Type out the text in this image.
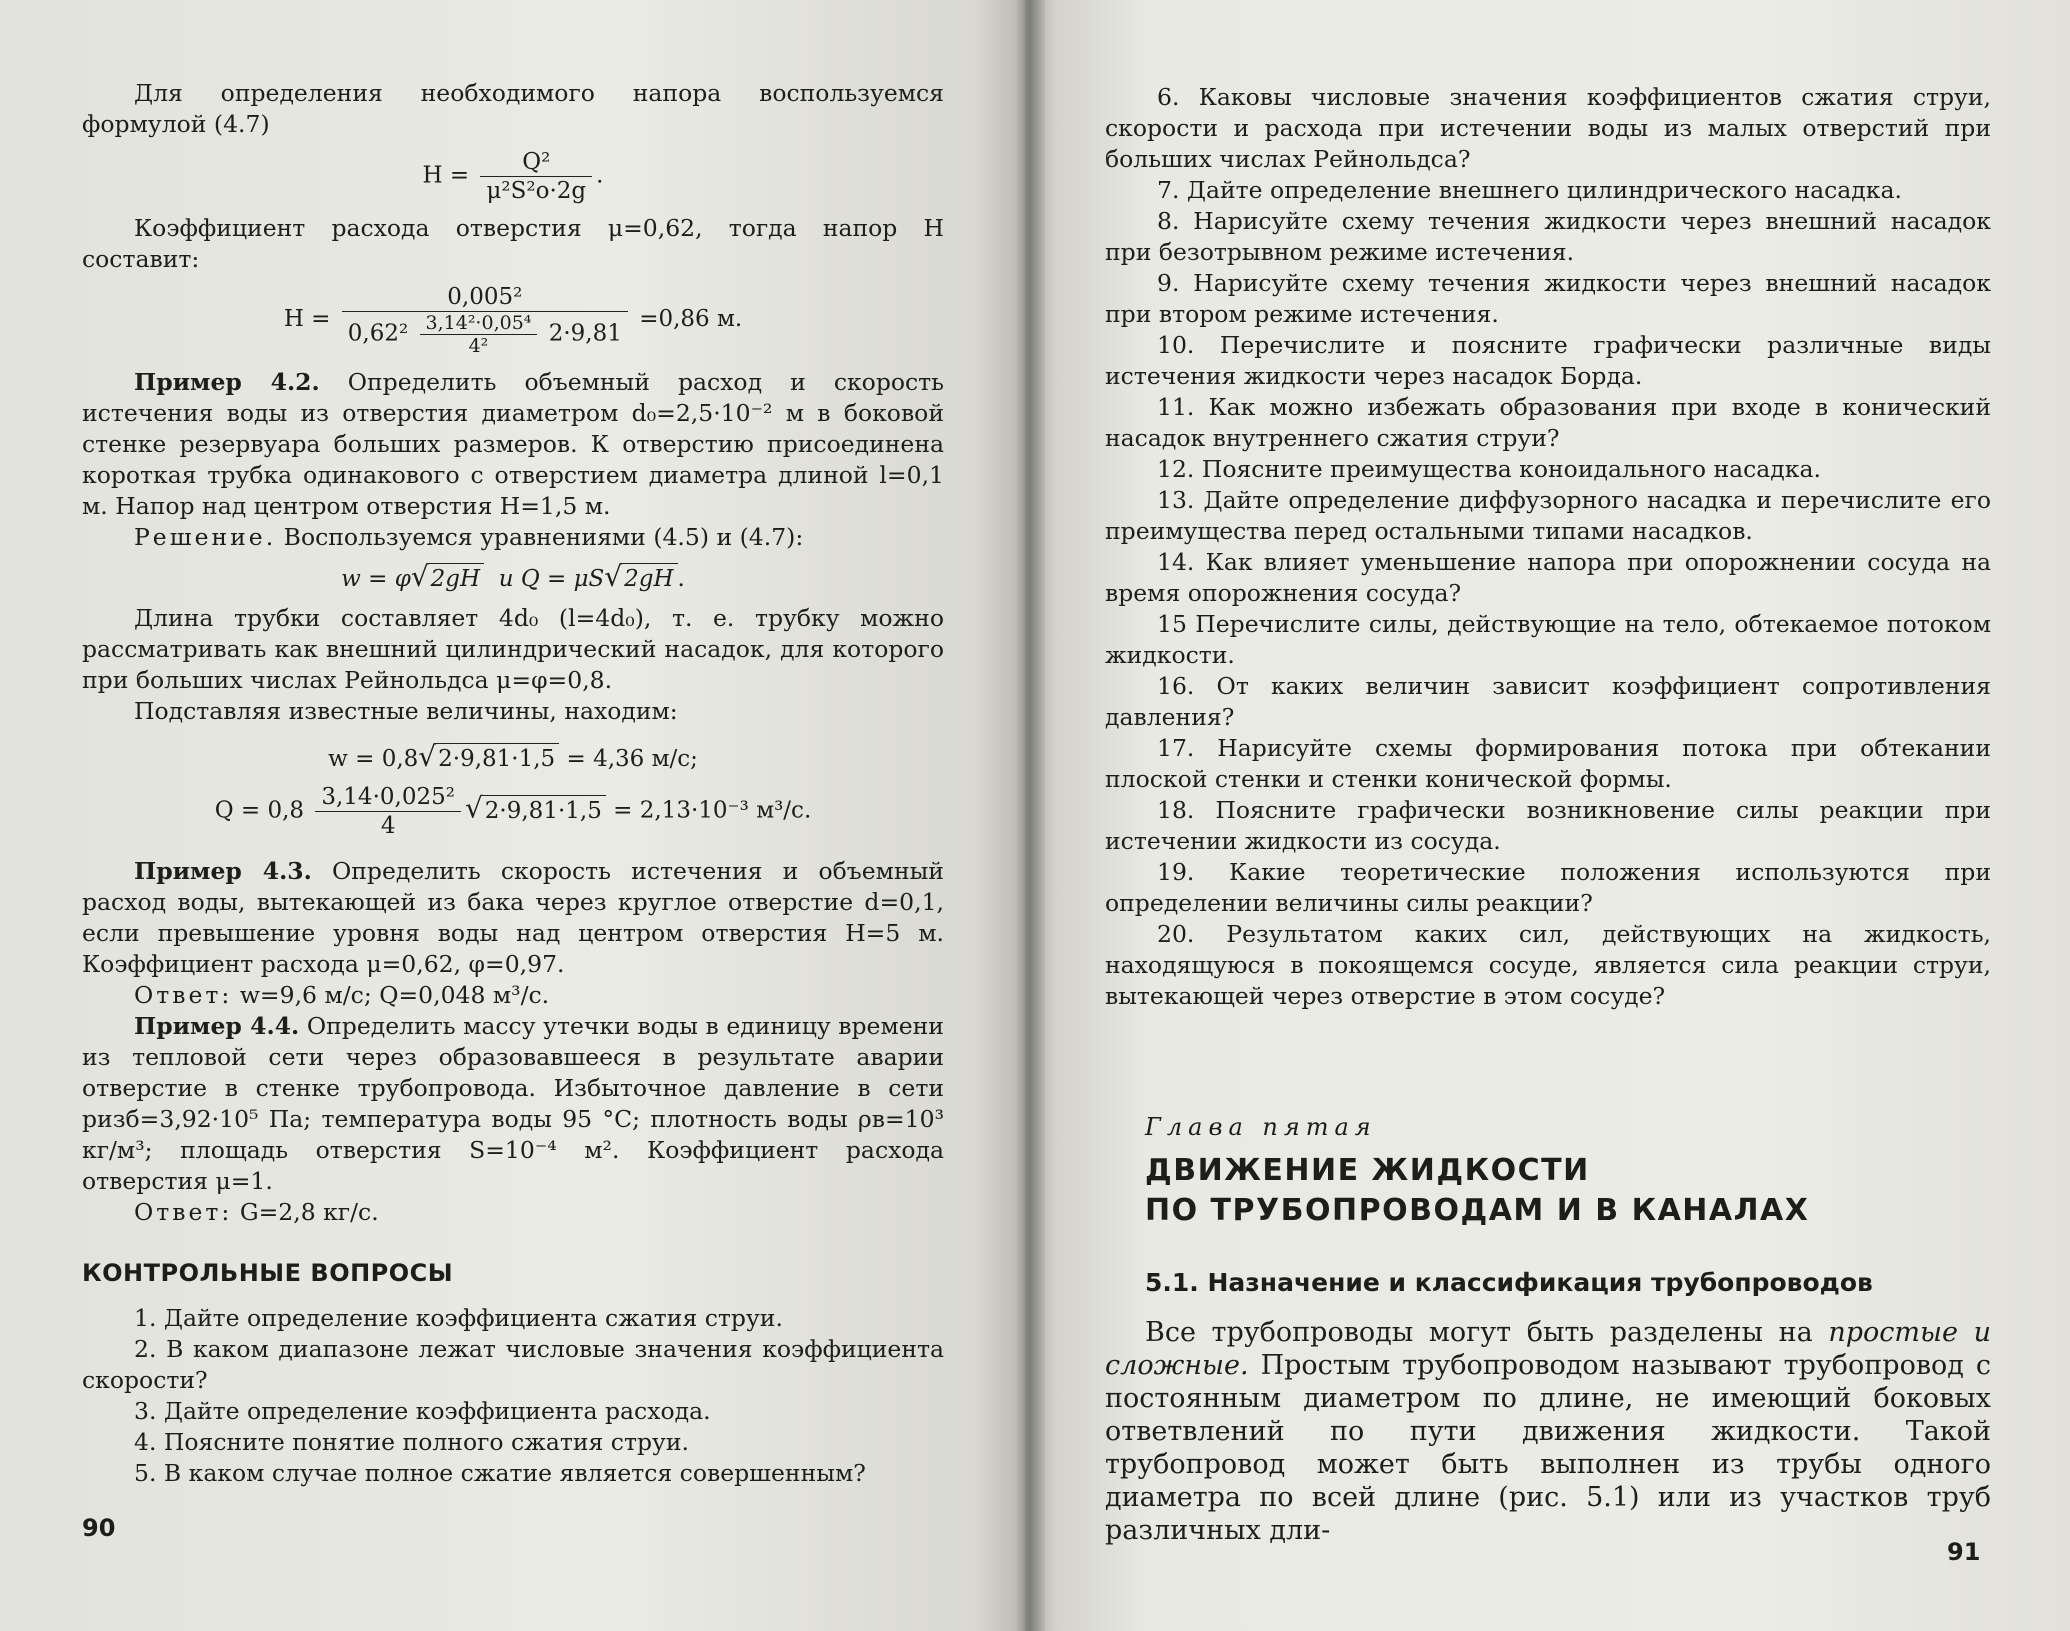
Для определения необходимого напора воспользуемся формулой (4.7)

$H = \frac{\text{Q²}}{\text{μ²S²о·2g}}$ .

Коэффициент расхода отверстия μ=0,62, тогда напор H составит:

H =
0,005²
$0,62^2 \frac{\text{3,14²·0,05⁴}}{\text{4²}} 2\cdot 9,81$
=0,86 м.

Пример 4.2. Определить объемный расход и скорость истечения воды из отверстия диаметром d₀=2,5·10⁻² м в боковой стенке резервуара больших размеров. К отверстию присоединена короткая трубка одинакового с отверстием диаметра длиной l=0,1 м. Напор над центром отверстия H=1,5 м.

Решение. Воспользуемся уравнениями (4.5) и (4.7):

w = φ√2gH и Q = μS√2gH .

Длина трубки составляет 4d₀ (l=4d₀), т. е. трубку можно рассматривать как внешний цилиндрический насадок, для которого при больших числах Рейнольдса μ=φ=0,8.

Подставляя известные величины, находим:

w = 0,8√2·9,81·1,5 = 4,36 м/с;
$Q = 0,8 \frac{\text{3,14·0,025²}}{4} √2\cdot 9,81\cdot 1,5 = 2,13\cdot 10^{-3}$ м³/с.

Пример 4.3. Определить скорость истечения и объемный расход воды, вытекающей из бака через круглое отверстие d=0,1, если превышение уровня воды над центром отверстия H=5 м. Коэффициент расхода μ=0,62, φ=0,97.

Ответ: w=9,6 м/с; Q=0,048 м³/с.

Пример 4.4. Определить массу утечки воды в единицу времени из тепловой сети через образовавшееся в результате аварии отверстие в стенке трубопровода. Избыточное давление в сети pизб=3,92·10⁵ Па; температура воды 95 °С; плотность воды ρв=10³ кг/м³; площадь отверстия S=10⁻⁴ м². Коэффициент расхода отверстия μ=1.

Ответ: G=2,8 кг/с.

КОНТРОЛЬНЫЕ ВОПРОСЫ

1. Дайте определение коэффициента сжатия струи.

2. В каком диапазоне лежат числовые значения коэффициента скорости?

3. Дайте определение коэффициента расхода.

4. Поясните понятие полного сжатия струи.

5. В каком случае полное сжатие является совершенным?

90

6. Каковы числовые значения коэффициентов сжатия струи, скорости и расхода при истечении воды из малых отверстий при больших числах Рейнольдса?

7. Дайте определение внешнего цилиндрического насадка.

8. Нарисуйте схему течения жидкости через внешний насадок при безотрывном режиме истечения.

9. Нарисуйте схему течения жидкости через внешний насадок при втором режиме истечения.

10. Перечислите и поясните графически различные виды истечения жидкости через насадок Борда.

11. Как можно избежать образования при входе в конический насадок внутреннего сжатия струи?

12. Поясните преимущества коноидального насадка.

13. Дайте определение диффузорного насадка и перечислите его преимущества перед остальными типами насадков.

14. Как влияет уменьшение напора при опорожнении сосуда на время опорожнения сосуда?

15 Перечислите силы, действующие на тело, обтекаемое потоком жидкости.

16. От каких величин зависит коэффициент сопротивления давления?

17. Нарисуйте схемы формирования потока при обтекании плоской стенки и стенки конической формы.

18. Поясните графически возникновение силы реакции при истечении жидкости из сосуда.

19. Какие теоретические положения используются при определении величины силы реакции?

20. Результатом каких сил, действующих на жидкость, находящуюся в покоящемся сосуде, является сила реакции струи, вытекающей через отверстие в этом сосуде?

Глава пятая
ДВИЖЕНИЕ ЖИДКОСТИ
ПО ТРУБОПРОВОДАМ И В КАНАЛАХ
5.1. Назначение и классификация трубопроводов

Все трубопроводы могут быть разделены на простые и сложные. Простым трубопроводом называют трубопровод с постоянным диаметром по длине, не имеющий боковых ответвлений по пути движения жидкости. Такой трубопровод может быть выполнен из трубы одного диаметра по всей длине (рис. 5.1) или из участков труб различных дли-

91
